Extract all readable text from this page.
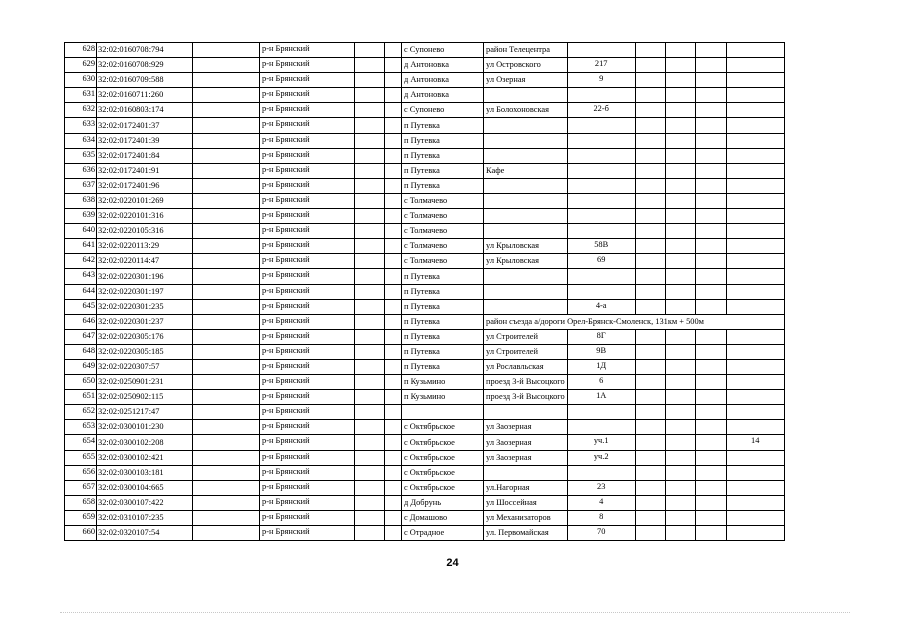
628	32:02:0160708:794		р-н Брянский			с Супонево	район Телецентра					
629	32:02:0160708:929		р-н Брянский			д Антоновка	ул Островского	217				
630	32:02:0160709:588		р-н Брянский			д Антоновка	ул Озерная	9				
631	32:02:0160711:260		р-н Брянский			д Антоновка						
632	32:02:0160803:174		р-н Брянский			с Супонево	ул Болохоновская	22-б				
633	32:02:0172401:37		р-н Брянский			п Путевка						
634	32:02:0172401:39		р-н Брянский			п Путевка						
635	32:02:0172401:84		р-н Брянский			п Путевка						
636	32:02:0172401:91		р-н Брянский			п Путевка	Кафе					
637	32:02:0172401:96		р-н Брянский			п Путевка						
638	32:02:0220101:269		р-н Брянский			с Толмачево						
639	32:02:0220101:316		р-н Брянский			с Толмачево						
640	32:02:0220105:316		р-н Брянский			с Толмачево						
641	32:02:0220113:29		р-н Брянский			с Толмачево	ул Крыловская	58В				
642	32:02:0220114:47		р-н Брянский			с Толмачево	ул Крыловская	69				
643	32:02:0220301:196		р-н Брянский			п Путевка						
644	32:02:0220301:197		р-н Брянский			п Путевка						
645	32:02:0220301:235		р-н Брянский			п Путевка		4-а				
646	32:02:0220301:237		р-н Брянский			п Путевка	район съезда а/дороги Орел-Брянск-Смоленск, 131км + 500м					
647	32:02:0220305:176		р-н Брянский			п Путевка	ул Строителей	8Г				
648	32:02:0220305:185		р-н Брянский			п Путевка	ул Строителей	9В				
649	32:02:0220307:57		р-н Брянский			п Путевка	ул Рославльская	1Д				
650	32:02:0250901:231		р-н Брянский			п Кузьмино	проезд 3-й Высоцкого	6				
651	32:02:0250902:115		р-н Брянский			п Кузьмино	проезд 3-й Высоцкого	1А				
652	32:02:0251217:47		р-н Брянский									
653	32:02:0300101:230		р-н Брянский			с Октябрьское	ул Заозерная					
654	32:02:0300102:208		р-н Брянский			с Октябрьское	ул Заозерная	уч.1				14
655	32:02:0300102:421		р-н Брянский			с Октябрьское	ул Заозерная	уч.2				
656	32:02:0300103:181		р-н Брянский			с Октябрьское						
657	32:02:0300104:665		р-н Брянский			с Октябрьское	ул.Нагорная	23				
658	32:02:0300107:422		р-н Брянский			д Добрунь	ул Шоссейная	4				
659	32:02:0310107:235		р-н Брянский			с Домашово	ул Механизаторов	8				
660	32:02:0320107:54		р-н Брянский			с Отрадное	ул. Первомайская	70				
24
